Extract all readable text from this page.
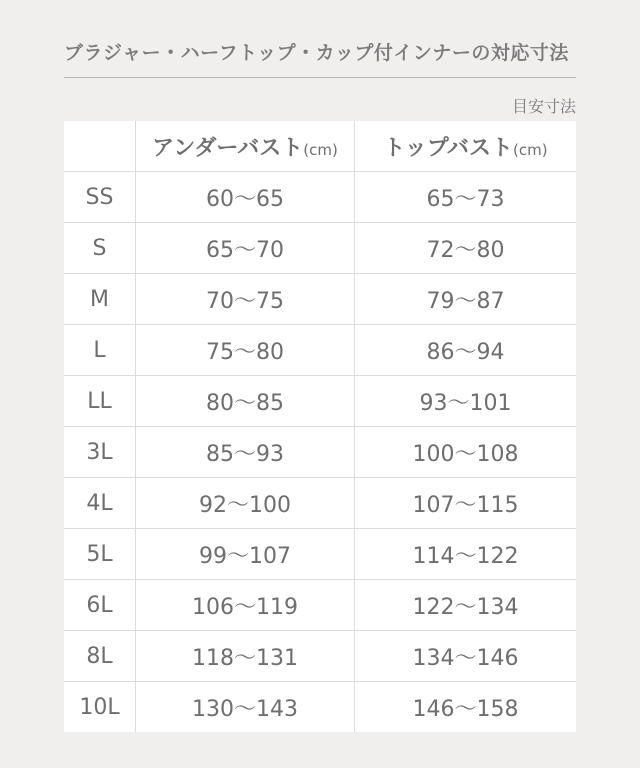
ブラジャー・ハーフトップ・カップ付インナーの対応寸法
目安寸法
	アンダーバスト(cm)	トップバスト(cm)
SS	60〜65	65〜73
S	65〜70	72〜80
M	70〜75	79〜87
L	75〜80	86〜94
LL	80〜85	93〜101
3L	85〜93	100〜108
4L	92〜100	107〜115
5L	99〜107	114〜122
6L	106〜119	122〜134
8L	118〜131	134〜146
10L	130〜143	146〜158
